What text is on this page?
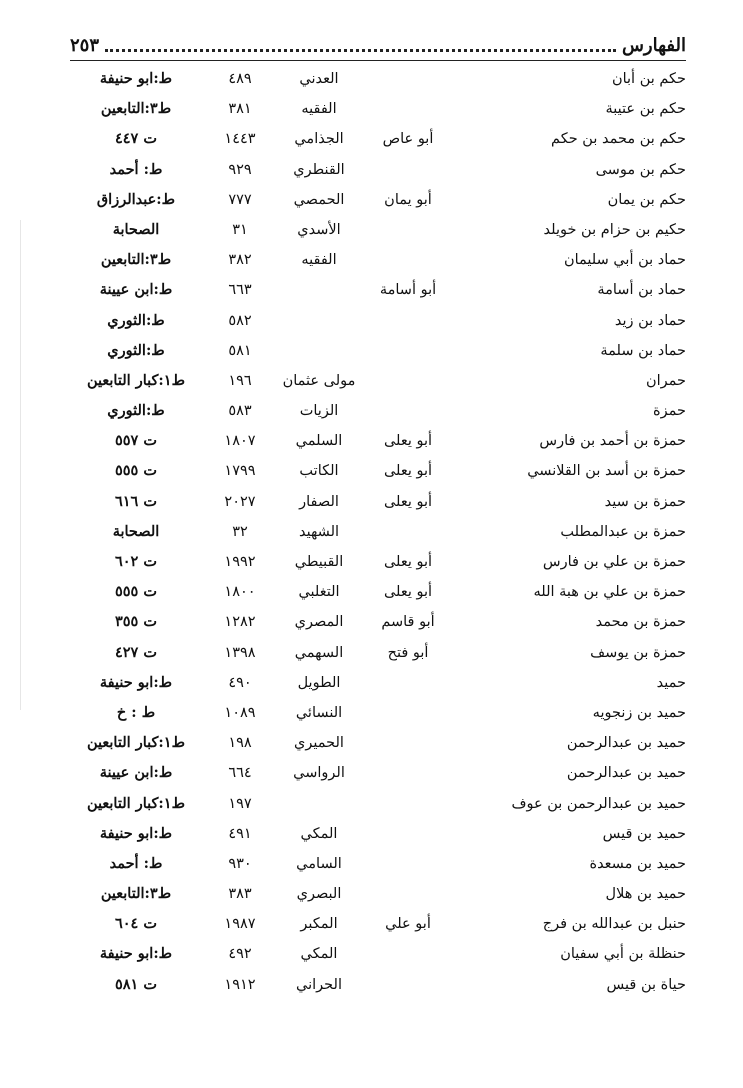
الفهارس
٢٥٣
حكم بن أبان
العدني
٤٨٩
ط:ابو حنيفة
حكم بن عتيبة
الفقيه
٣٨١
ط٣:التابعين
حكم بن محمد بن حكم
أبو عاص
الجذامي
١٤٤٣
ت ٤٤٧
حكم بن موسى
القنطري
٩٢٩
ط: أحمد
حكم بن يمان
أبو يمان
الحمصي
٧٧٧
ط:عبدالرزاق
حكيم بن حزام بن خويلد
الأسدي
٣١
الصحابة
حماد بن أبي سليمان
الفقيه
٣٨٢
ط٣:التابعين
حماد بن أسامة
أبو أسامة
٦٦٣
ط:ابن عيينة
حماد بن زيد
٥٨٢
ط:الثوري
حماد بن سلمة
٥٨١
ط:الثوري
حمران
مولى عثمان
١٩٦
ط١:كبار التابعين
حمزة
الزيات
٥٨٣
ط:الثوري
حمزة بن أحمد بن فارس
أبو يعلى
السلمي
١٨٠٧
ت ٥٥٧
حمزة بن أسد بن القلانسي
أبو يعلى
الكاتب
١٧٩٩
ت ٥٥٥
حمزة بن سيد
أبو يعلى
الصفار
٢٠٢٧
ت ٦١٦
حمزة بن عبدالمطلب
الشهيد
٣٢
الصحابة
حمزة بن علي بن فارس
أبو يعلى
القبيطي
١٩٩٢
ت ٦٠٢
حمزة بن علي بن هبة الله
أبو يعلى
التغلبي
١٨٠٠
ت ٥٥٥
حمزة بن محمد
أبو قاسم
المصري
١٢٨٢
ت ٣٥٥
حمزة بن يوسف
أبو فتح
السهمي
١٣٩٨
ت ٤٢٧
حميد
الطويل
٤٩٠
ط:ابو حنيفة
حميد بن زنجويه
النسائي
١٠٨٩
ط : خ
حميد بن عبدالرحمن
الحميري
١٩٨
ط١:كبار التابعين
حميد بن عبدالرحمن
الرواسي
٦٦٤
ط:ابن عيينة
حميد بن عبدالرحمن بن عوف
١٩٧
ط١:كبار التابعين
حميد بن قيس
المكي
٤٩١
ط:ابو حنيفة
حميد بن مسعدة
السامي
٩٣٠
ط: أحمد
حميد بن هلال
البصري
٣٨٣
ط٣:التابعين
حنبل بن عبدالله بن فرج
أبو علي
المكبر
١٩٨٧
ت ٦٠٤
حنظلة بن أبي سفيان
المكي
٤٩٢
ط:ابو حنيفة
حياة بن قيس
الحراني
١٩١٢
ت ٥٨١
